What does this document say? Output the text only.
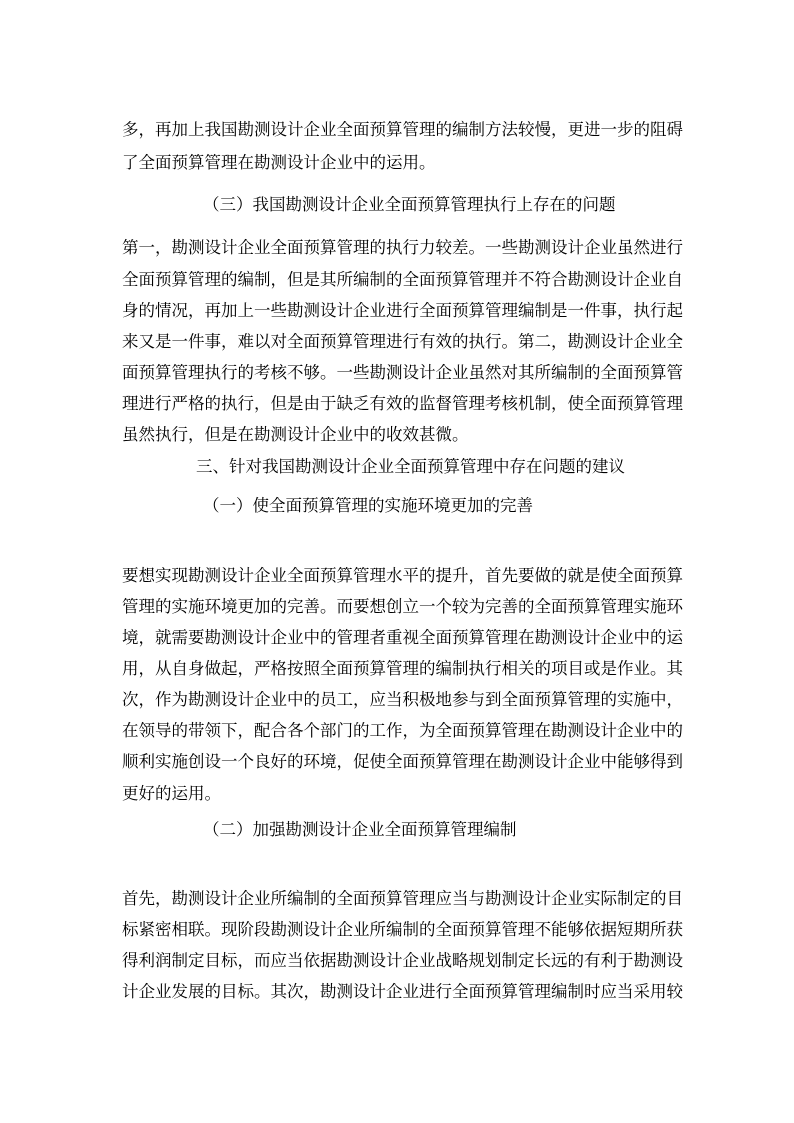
多，再加上我国勘测设计企业全面预算管理的编制方法较慢，更进一步的阻碍
了全面预算管理在勘测设计企业中的运用。
（三）我国勘测设计企业全面预算管理执行上存在的问题
第一，勘测设计企业全面预算管理的执行力较差。一些勘测设计企业虽然进行
全面预算管理的编制，但是其所编制的全面预算管理并不符合勘测设计企业自
身的情况，再加上一些勘测设计企业进行全面预算管理编制是一件事，执行起
来又是一件事，难以对全面预算管理进行有效的执行。第二，勘测设计企业全
面预算管理执行的考核不够。一些勘测设计企业虽然对其所编制的全面预算管
理进行严格的执行，但是由于缺乏有效的监督管理考核机制，使全面预算管理
虽然执行，但是在勘测设计企业中的收效甚微。
三、针对我国勘测设计企业全面预算管理中存在问题的建议
（一）使全面预算管理的实施环境更加的完善
要想实现勘测设计企业全面预算管理水平的提升，首先要做的就是使全面预算
管理的实施环境更加的完善。而要想创立一个较为完善的全面预算管理实施环
境，就需要勘测设计企业中的管理者重视全面预算管理在勘测设计企业中的运
用，从自身做起，严格按照全面预算管理的编制执行相关的项目或是作业。其
次，作为勘测设计企业中的员工，应当积极地参与到全面预算管理的实施中，
在领导的带领下，配合各个部门的工作，为全面预算管理在勘测设计企业中的
顺利实施创设一个良好的环境，促使全面预算管理在勘测设计企业中能够得到
更好的运用。
（二）加强勘测设计企业全面预算管理编制
首先，勘测设计企业所编制的全面预算管理应当与勘测设计企业实际制定的目
标紧密相联。现阶段勘测设计企业所编制的全面预算管理不能够依据短期所获
得利润制定目标，而应当依据勘测设计企业战略规划制定长远的有利于勘测设
计企业发展的目标。其次，勘测设计企业进行全面预算管理编制时应当采用较
